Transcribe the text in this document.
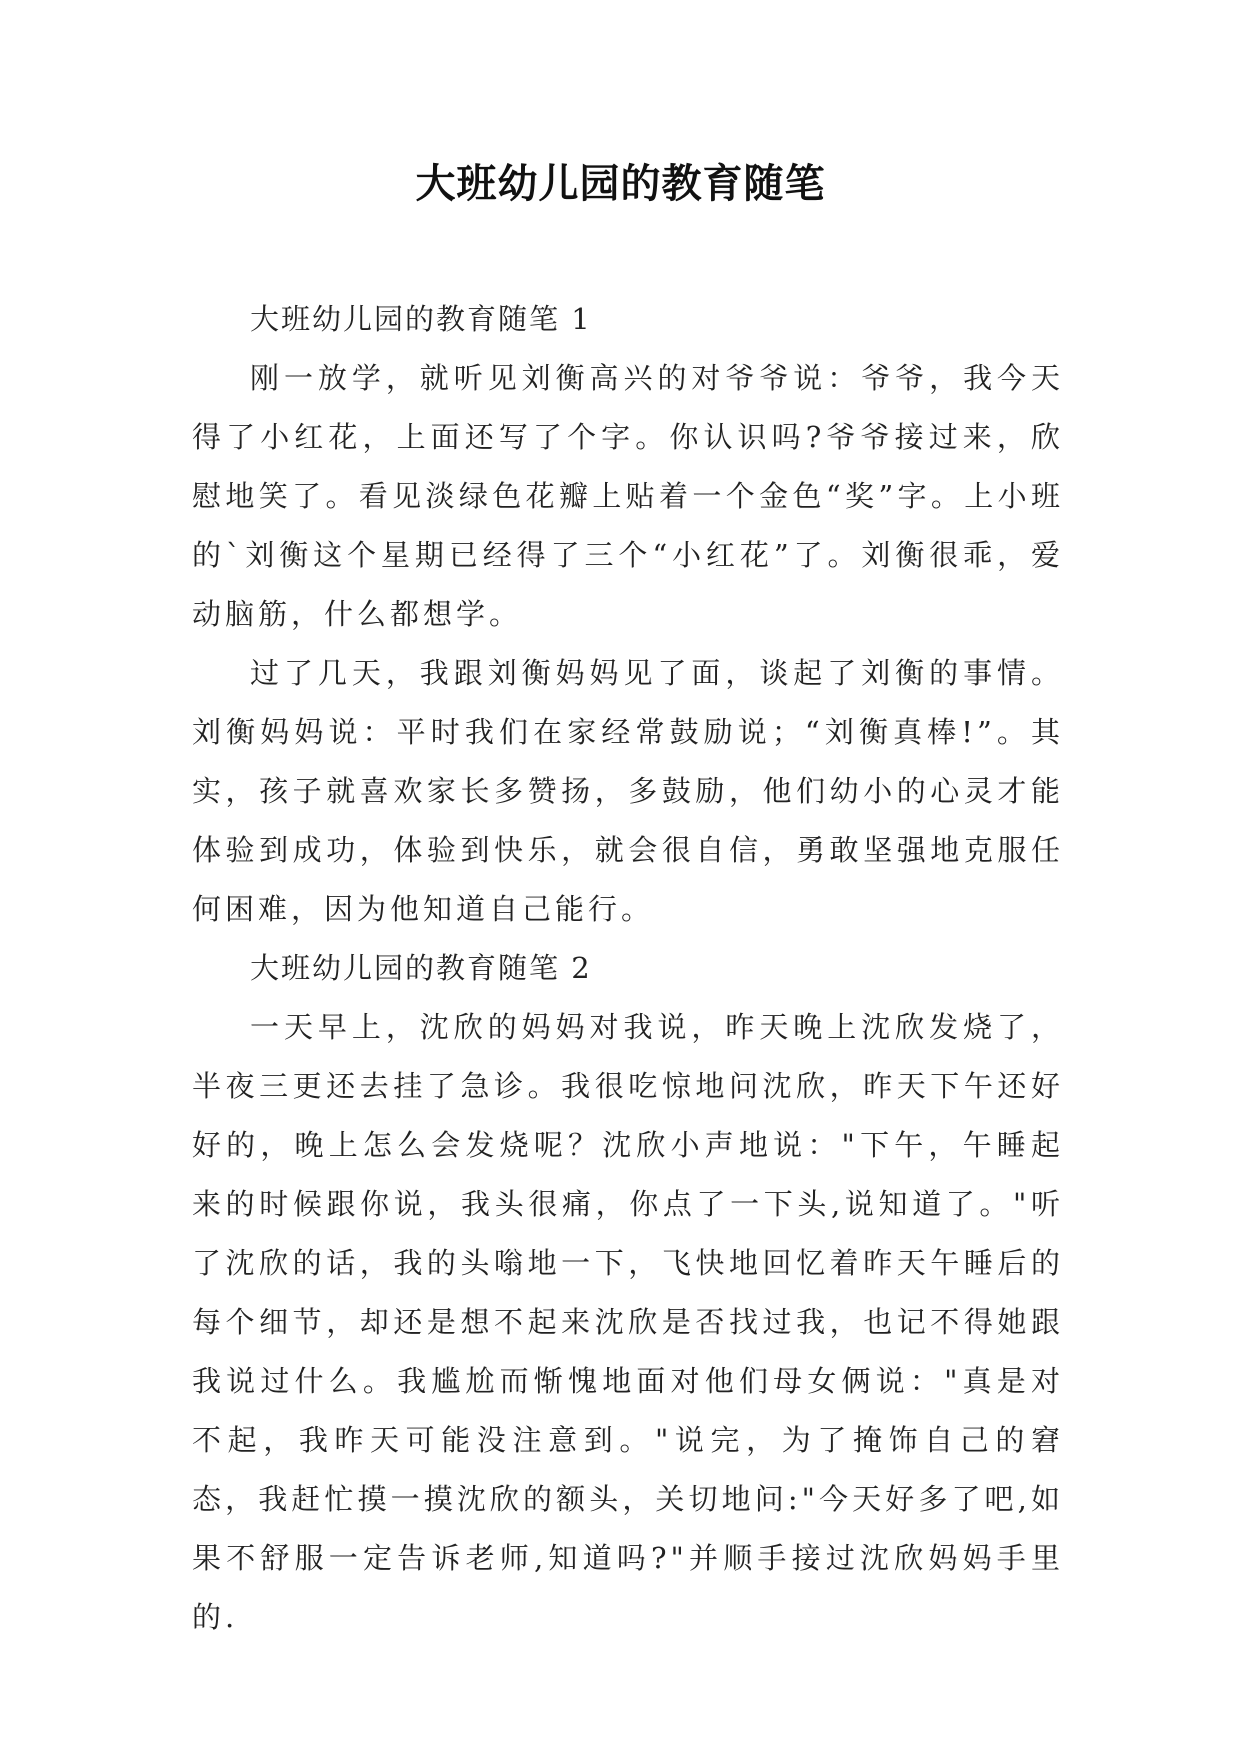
大班幼儿园的教育随笔

大班幼儿园的教育随笔 1

刚一放学，就听见刘衡高兴的对爷爷说：爷爷，我今天得了小红花，上面还写了个字。你认识吗?爷爷接过来，欣慰地笑了。看见淡绿色花瓣上贴着一个金色“奖”字。上小班的`刘衡这个星期已经得了三个“小红花”了。刘衡很乖，爱动脑筋，什么都想学。

过了几天，我跟刘衡妈妈见了面，谈起了刘衡的事情。刘衡妈妈说：平时我们在家经常鼓励说；“刘衡真棒!”。其实，孩子就喜欢家长多赞扬，多鼓励，他们幼小的心灵才能体验到成功，体验到快乐，就会很自信，勇敢坚强地克服任何困难，因为他知道自己能行。

大班幼儿园的教育随笔 2

一天早上，沈欣的妈妈对我说，昨天晚上沈欣发烧了，半夜三更还去挂了急诊。我很吃惊地问沈欣，昨天下午还好好的，晚上怎么会发烧呢？沈欣小声地说："下午，午睡起来的时候跟你说，我头很痛，你点了一下头,说知道了。"听了沈欣的话，我的头嗡地一下，飞快地回忆着昨天午睡后的每个细节，却还是想不起来沈欣是否找过我，也记不得她跟我说过什么。我尴尬而惭愧地面对他们母女俩说："真是对不起，我昨天可能没注意到。"说完，为了掩饰自己的窘态，我赶忙摸一摸沈欣的额头，关切地问:"今天好多了吧,如果不舒服一定告诉老师,知道吗?"并顺手接过沈欣妈妈手里的.
